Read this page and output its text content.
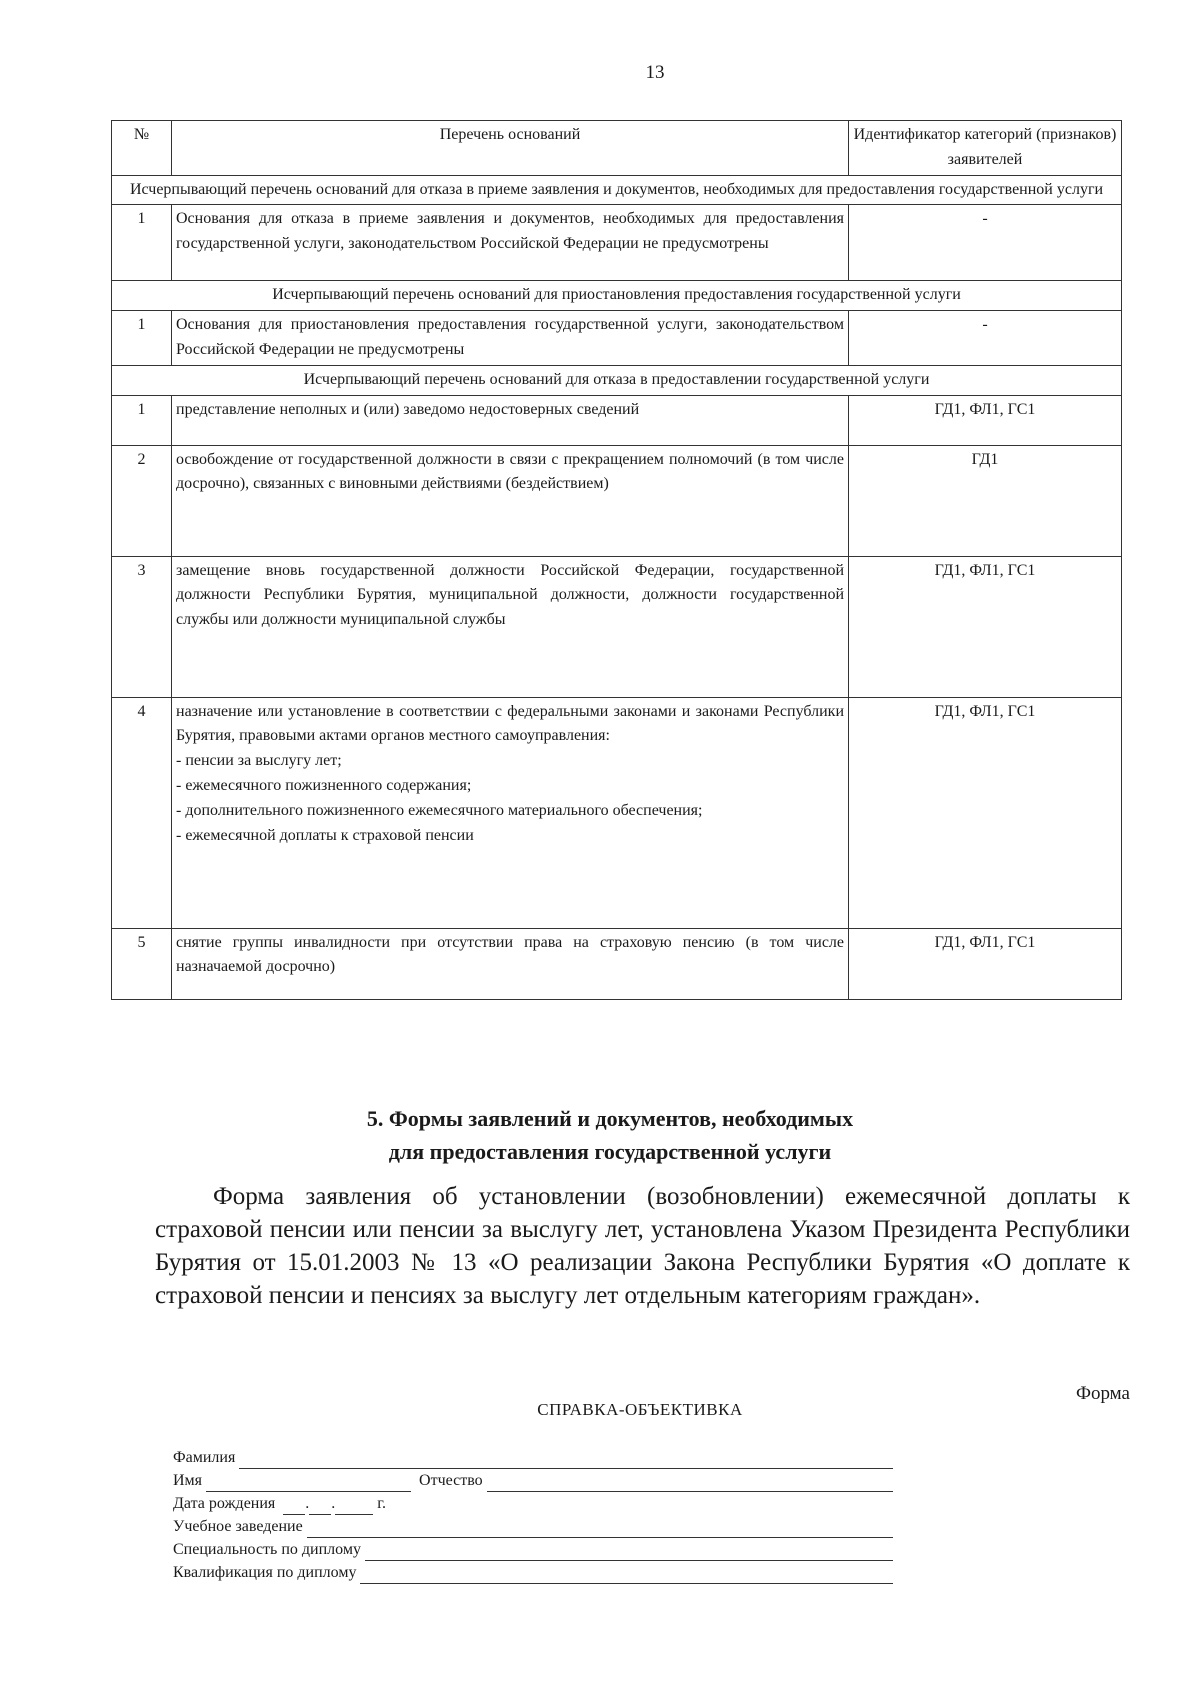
13
№	Перечень оснований	Идентификатор категорий (признаков) заявителей
Исчерпывающий перечень оснований для отказа в приеме заявления и документов, необходимых для предоставления государственной услуги		
1	Основания для отказа в приеме заявления и документов, необходимых для предоставления государственной услуги, законодательством Российской Федерации не предусмотрены	-
Исчерпывающий перечень оснований для приостановления предоставления государственной услуги		
1	Основания для приостановления предоставления государственной услуги, законодательством Российской Федерации не предусмотрены	-
Исчерпывающий перечень оснований для отказа в предоставлении государственной услуги		
1	представление неполных и (или) заведомо недостоверных сведений	ГД1, ФЛ1, ГС1
2	освобождение от государственной должности в связи с прекращением полномочий (в том числе досрочно), связанных с виновными действиями (бездействием)	ГД1
3	замещение вновь государственной должности Российской Федерации, государственной должности Республики Бурятия, муниципальной должности, должности государственной службы или должности муниципальной службы	ГД1, ФЛ1, ГС1
4	назначение или установление в соответствии с федеральными законами и законами Республики Бурятия, правовыми актами органов местного самоуправления:
- пенсии за выслугу лет;
- ежемесячного пожизненного содержания;
- дополнительного пожизненного ежемесячного материального обеспечения;
- ежемесячной доплаты к страховой пенсии	ГД1, ФЛ1, ГС1
5	снятие группы инвалидности при отсутствии права на страховую пенсию (в том числе назначаемой досрочно)	ГД1, ФЛ1, ГС1
5. Формы заявлений и документов, необходимых
для предоставления государственной услуги

Форма заявления об установлении (возобновлении) ежемесячной доплаты к страховой пенсии или пенсии за выслугу лет, установлена Указом Президента Республики Бурятия от 15.01.2003 № 13 «О реализации Закона Республики Бурятия «О доплате к страховой пенсии и пенсиях за выслугу лет отдельным категориям граждан».

Форма
СПРАВКА-ОБЪЕКТИВКА
Фамилия
Имя	Отчество
Дата рождения . .	г.
Учебное заведение
Специальность по диплому
Квалификация по диплому
